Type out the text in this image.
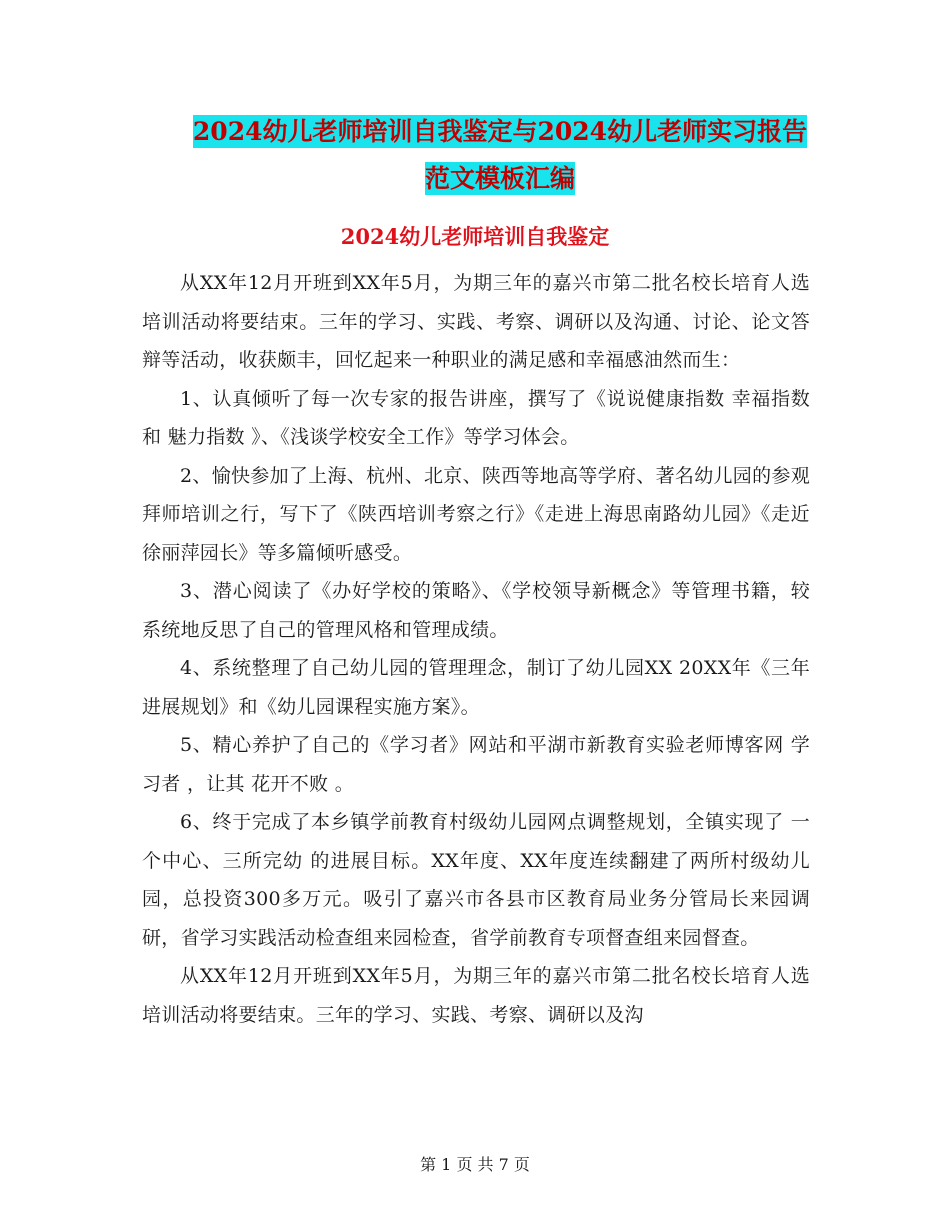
2024幼儿老师培训自我鉴定与2024幼儿老师实习报告
范文模板汇编
2024幼儿老师培训自我鉴定

从XX年12月开班到XX年5月，为期三年的嘉兴市第二批名校长培育人选培训活动将要结束。三年的学习、实践、考察、调研以及沟通、讨论、论文答辩等活动，收获颇丰，回忆起来一种职业的满足感和幸福感油然而生：

1、认真倾听了每一次专家的报告讲座，撰写了《说说健康指数 幸福指数 和 魅力指数 》、《浅谈学校安全工作》等学习体会。

2、愉快参加了上海、杭州、北京、陕西等地高等学府、著名幼儿园的参观拜师培训之行，写下了《陕西培训考察之行》《走进上海思南路幼儿园》《走近徐丽萍园长》等多篇倾听感受。

3、潜心阅读了《办好学校的策略》、《学校领导新概念》等管理书籍，较系统地反思了自己的管理风格和管理成绩。

4、系统整理了自己幼儿园的管理理念，制订了幼儿园XX 20XX年《三年进展规划》和《幼儿园课程实施方案》。

5、精心养护了自己的《学习者》网站和平湖市新教育实验老师博客网 学习者 ，让其 花开不败 。

6、终于完成了本乡镇学前教育村级幼儿园网点调整规划，全镇实现了 一个中心、三所完幼 的进展目标。XX年度、XX年度连续翻建了两所村级幼儿园，总投资300多万元。吸引了嘉兴市各县市区教育局业务分管局长来园调研，省学习实践活动检查组来园检查，省学前教育专项督查组来园督查。

从XX年12月开班到XX年5月，为期三年的嘉兴市第二批名校长培育人选培训活动将要结束。三年的学习、实践、考察、调研以及沟

第 1 页 共 7 页
